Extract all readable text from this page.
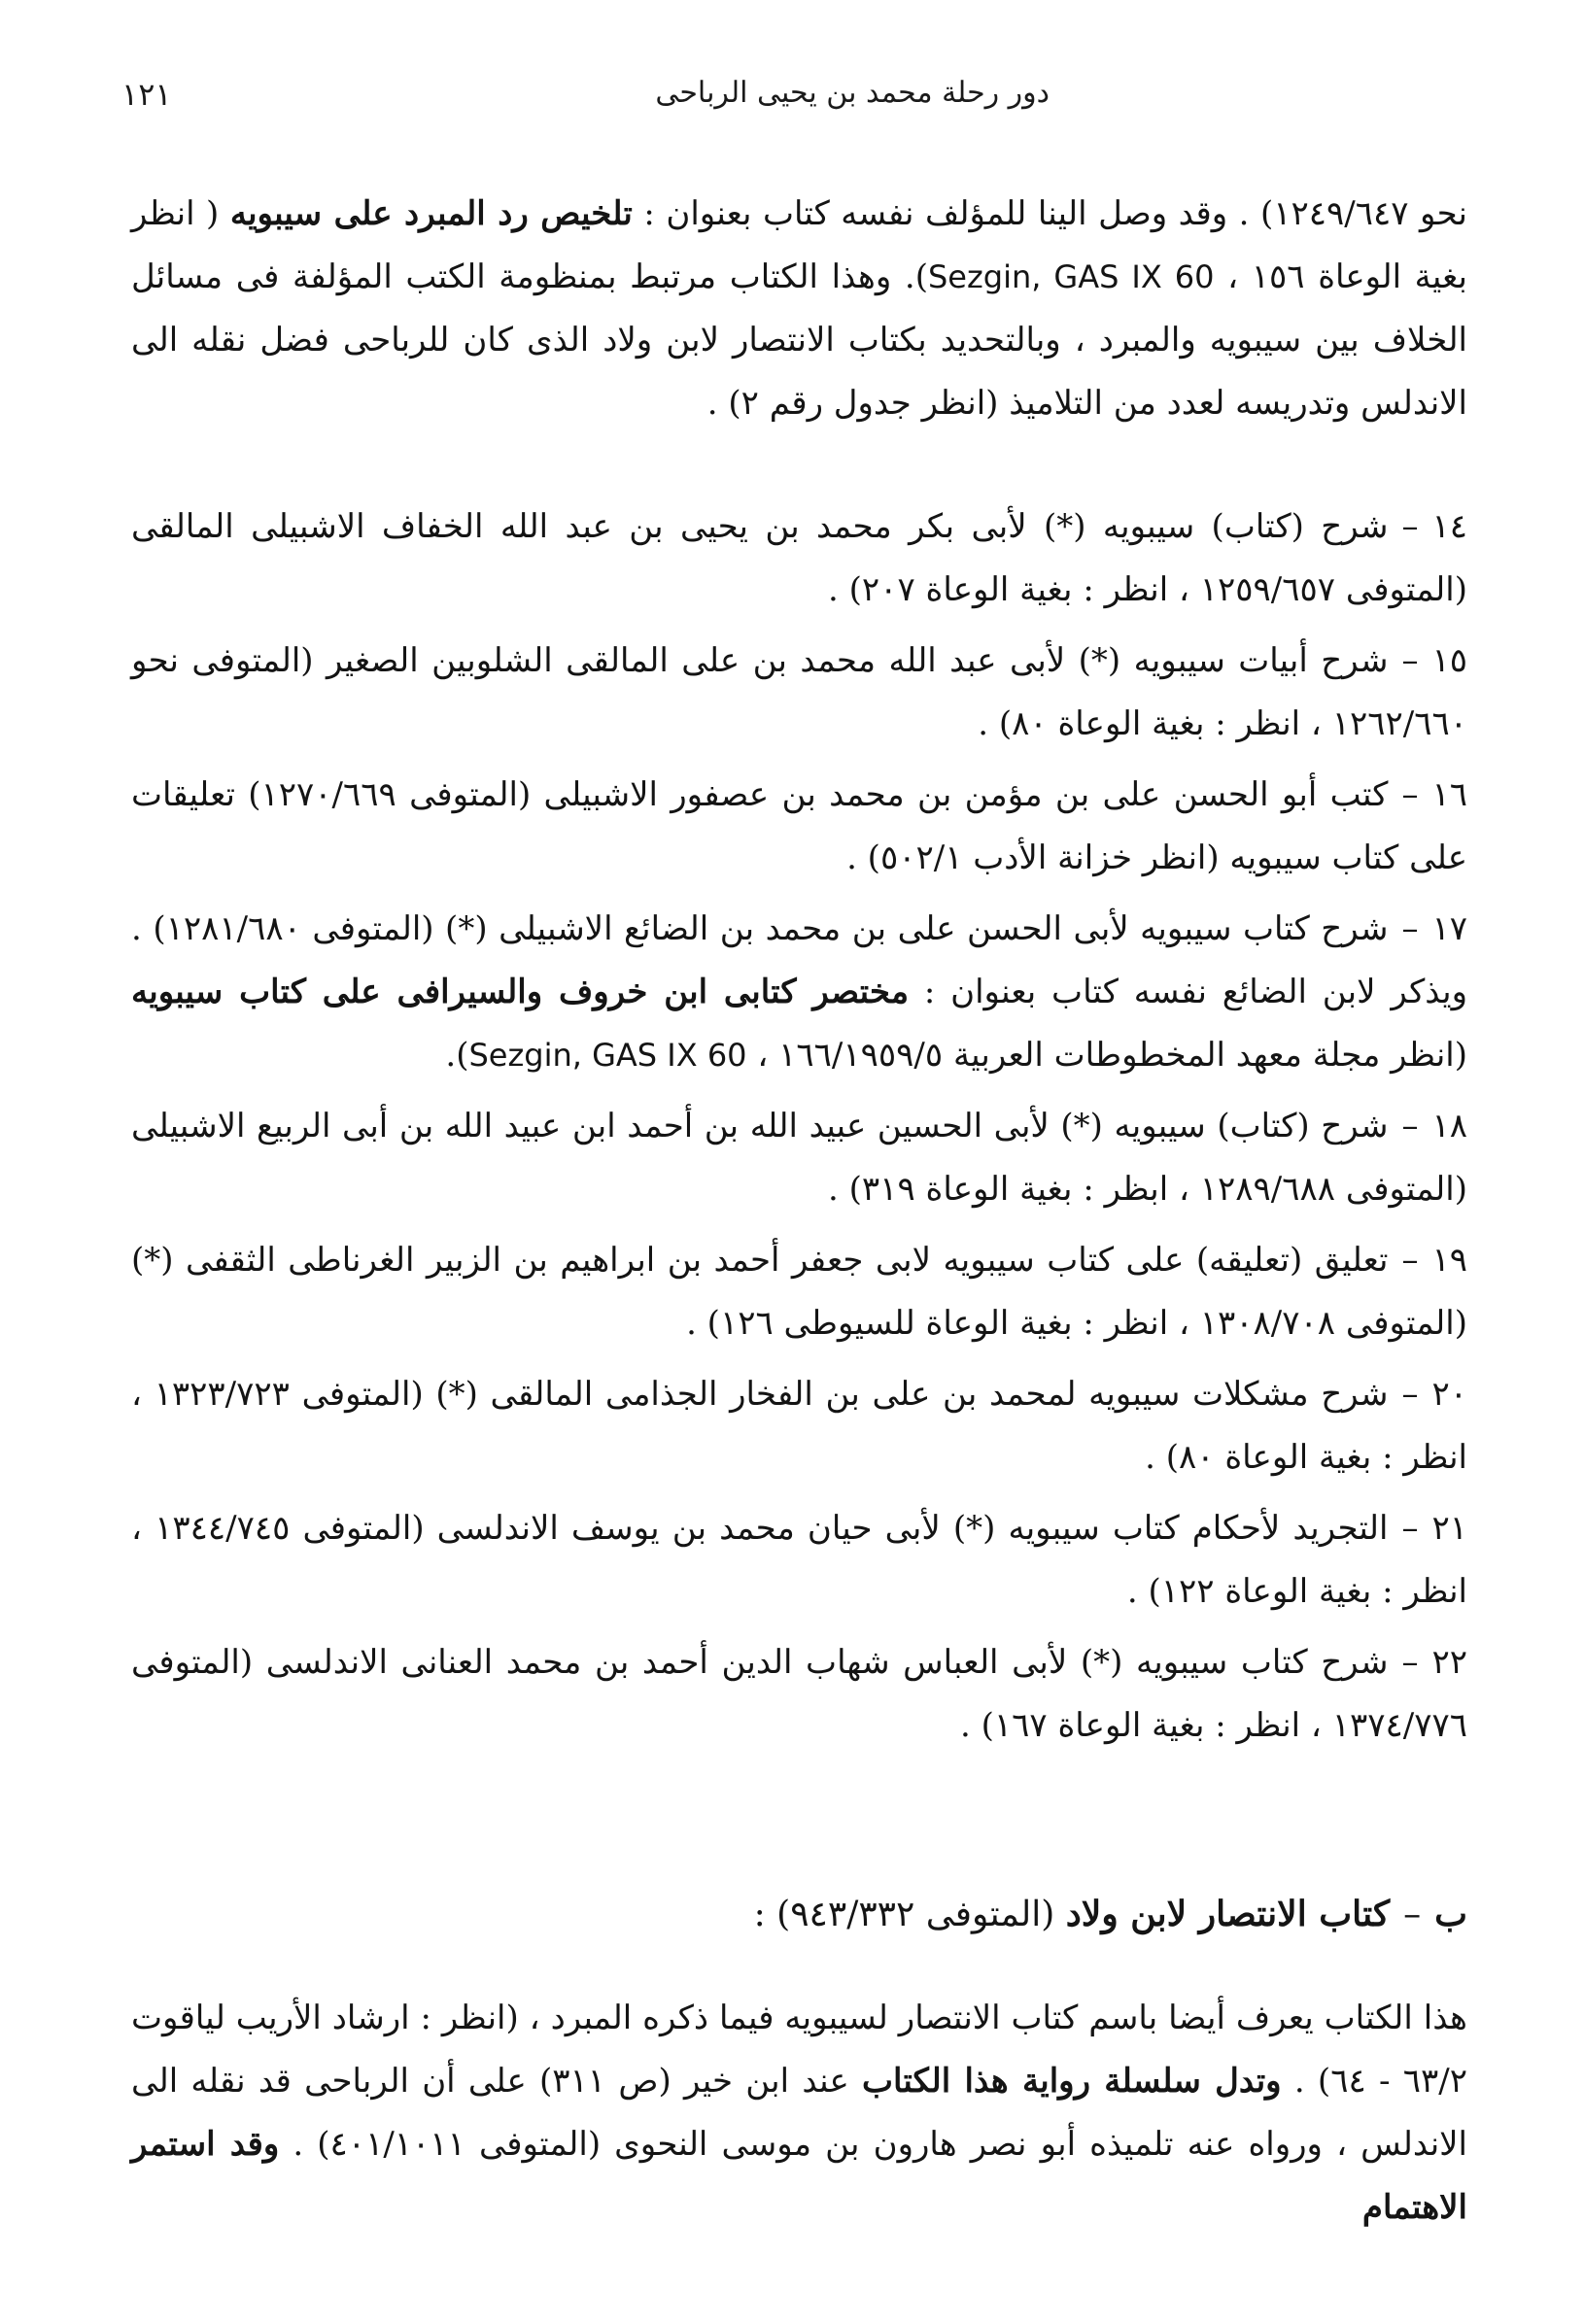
دور رحلة محمد بن يحيى الرباحى
١٢١
نحو ١٢٤٩/٦٤٧) . وقد وصل الينا للمؤلف نفسه كتاب بعنوان : تلخيص رد المبرد على سيبويه ( انظر بغية الوعاة ١٥٦ ، Sezgin, GAS IX 60). وهذا الكتاب مرتبط بمنظومة الكتب المؤلفة فى مسائل الخلاف بين سيبويه والمبرد ، وبالتحديد بكتاب الانتصار لابن ولاد الذى كان للرباحى فضل نقله الى الاندلس وتدريسه لعدد من التلاميذ (انظر جدول رقم ٢) .
١٤–شرح (كتاب) سيبويه (*) لأبى بكر محمد بن يحيى بن عبد الله الخفاف الاشبيلى المالقى (المتوفى ١٢٥٩/٦٥٧ ، انظر : بغية الوعاة ٢٠٧) .
١٥–شرح أبيات سيبويه (*) لأبى عبد الله محمد بن على المالقى الشلوبين الصغير (المتوفى نحو ١٢٦٢/٦٦٠ ، انظر : بغية الوعاة ٨٠) .
١٦–كتب أبو الحسن على بن مؤمن بن محمد بن عصفور الاشبيلى (المتوفى ١٢٧٠/٦٦٩) تعليقات على كتاب سيبويه (انظر خزانة الأدب ٥٠٢/١) .
١٧–شرح كتاب سيبويه لأبى الحسن على بن محمد بن الضائع الاشبيلى (*) (المتوفى ١٢٨١/٦٨٠) . ويذكر لابن الضائع نفسه كتاب بعنوان : مختصر كتابى ابن خروف والسيرافى على كتاب سيبويه (انظر مجلة معهد المخطوطات العربية ١٦٦/١٩٥٩/٥ ، Sezgin, GAS IX 60).
١٨–شرح (كتاب) سيبويه (*) لأبى الحسين عبيد الله بن أحمد ابن عبيد الله بن أبى الربيع الاشبيلى (المتوفى ١٢٨٩/٦٨٨ ، ابظر : بغية الوعاة ٣١٩) .
١٩–تعليق (تعليقه) على كتاب سيبويه لابى جعفر أحمد بن ابراهيم بن الزبير الغرناطى الثقفى (*) (المتوفى ١٣٠٨/٧٠٨ ، انظر : بغية الوعاة للسيوطى ١٢٦) .
٢٠–شرح مشكلات سيبويه لمحمد بن على بن الفخار الجذامى المالقى (*) (المتوفى ١٣٢٣/٧٢٣ ، انظر : بغية الوعاة ٨٠) .
٢١–التجريد لأحكام كتاب سيبويه (*) لأبى حيان محمد بن يوسف الاندلسى (المتوفى ١٣٤٤/٧٤٥ ، انظر : بغية الوعاة ١٢٢) .
٢٢–شرح كتاب سيبويه (*) لأبى العباس شهاب الدين أحمد بن محمد العنانى الاندلسى (المتوفى ١٣٧٤/٧٧٦ ، انظر : بغية الوعاة ١٦٧) .
ب–كتاب الانتصار لابن ولاد (المتوفى ٩٤٣/٣٣٢) :
هذا الكتاب يعرف أيضا باسم كتاب الانتصار لسيبويه فيما ذكره المبرد ، (انظر : ارشاد الأريب لياقوت ٦٣/٢ - ٦٤) . وتدل سلسلة رواية هذا الكتاب عند ابن خير (ص ٣١١) على أن الرباحى قد نقله الى الاندلس ، ورواه عنه تلميذه أبو نصر هارون بن موسى النحوى (المتوفى ٤٠١/١٠١١) . وقد استمر الاهتمام
